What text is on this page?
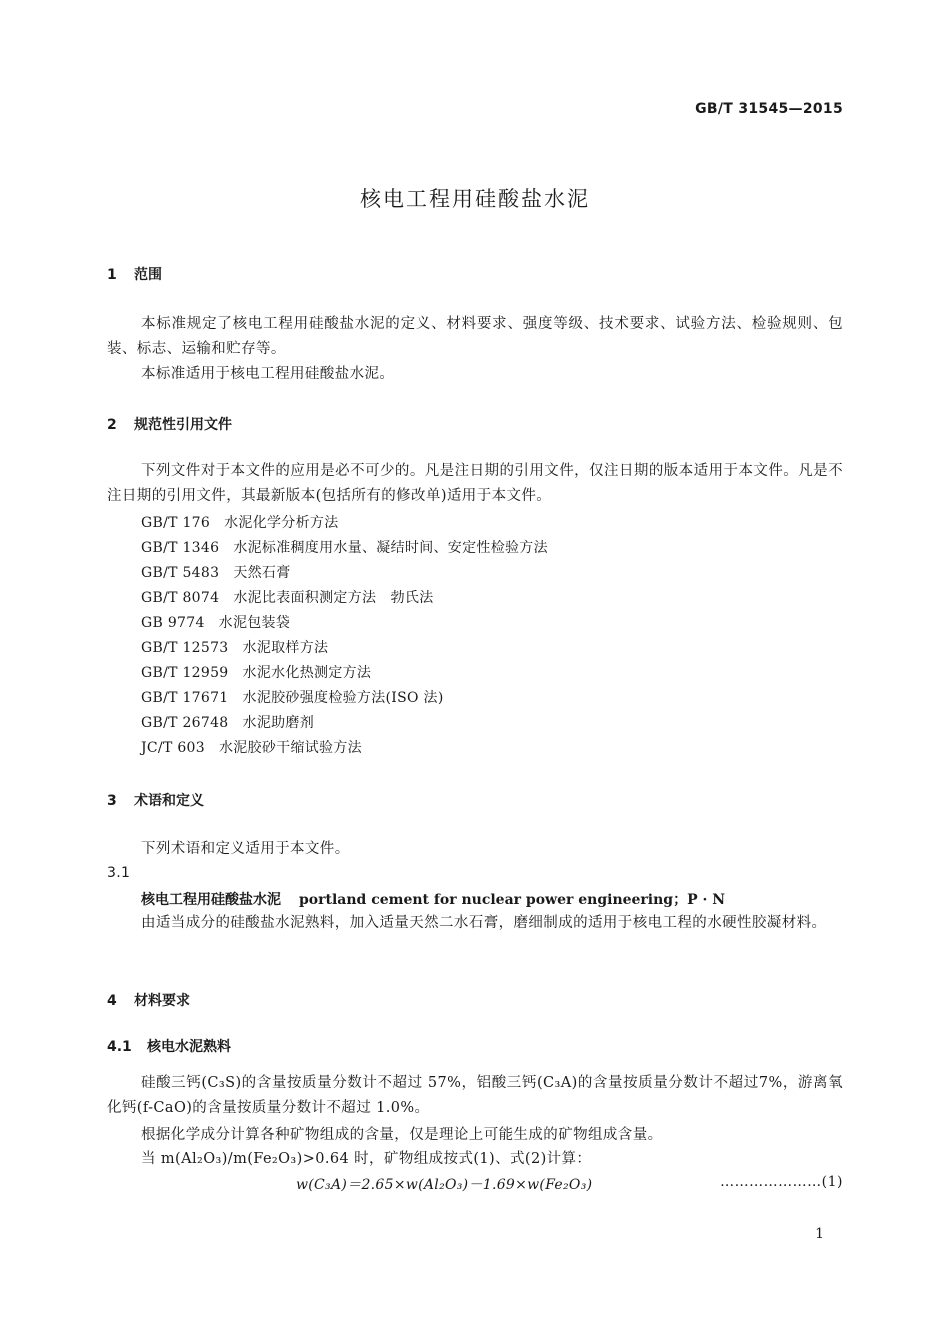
GB/T 31545—2015
核电工程用硅酸盐水泥
1 范围
本标准规定了核电工程用硅酸盐水泥的定义、材料要求、强度等级、技术要求、试验方法、检验规则、包装、标志、运输和贮存等。
本标准适用于核电工程用硅酸盐水泥。
2 规范性引用文件
下列文件对于本文件的应用是必不可少的。凡是注日期的引用文件，仅注日期的版本适用于本文件。凡是不注日期的引用文件，其最新版本(包括所有的修改单)适用于本文件。
GB/T 176 水泥化学分析方法
GB/T 1346 水泥标准稠度用水量、凝结时间、安定性检验方法
GB/T 5483 天然石膏
GB/T 8074 水泥比表面积测定方法　勃氏法
GB 9774 水泥包装袋
GB/T 12573 水泥取样方法
GB/T 12959 水泥水化热测定方法
GB/T 17671 水泥胶砂强度检验方法(ISO 法)
GB/T 26748 水泥助磨剂
JC/T 603 水泥胶砂干缩试验方法
3 术语和定义
下列术语和定义适用于本文件。
3.1
核电工程用硅酸盐水泥 portland cement for nuclear power engineering；P · N
由适当成分的硅酸盐水泥熟料，加入适量天然二水石膏，磨细制成的适用于核电工程的水硬性胶凝材料。
4 材料要求
4.1 核电水泥熟料
硅酸三钙(C₃S)的含量按质量分数计不超过 57%，铝酸三钙(C₃A)的含量按质量分数计不超过7%，游离氧化钙(f-CaO)的含量按质量分数计不超过 1.0%。
根据化学成分计算各种矿物组成的含量，仅是理论上可能生成的矿物组成含量。
当 m(Al₂O₃)/m(Fe₂O₃)>0.64 时，矿物组成按式(1)、式(2)计算：
w(C₃A)＝2.65×w(Al₂O₃)－1.69×w(Fe₂O₃)	…………………(1)
1
